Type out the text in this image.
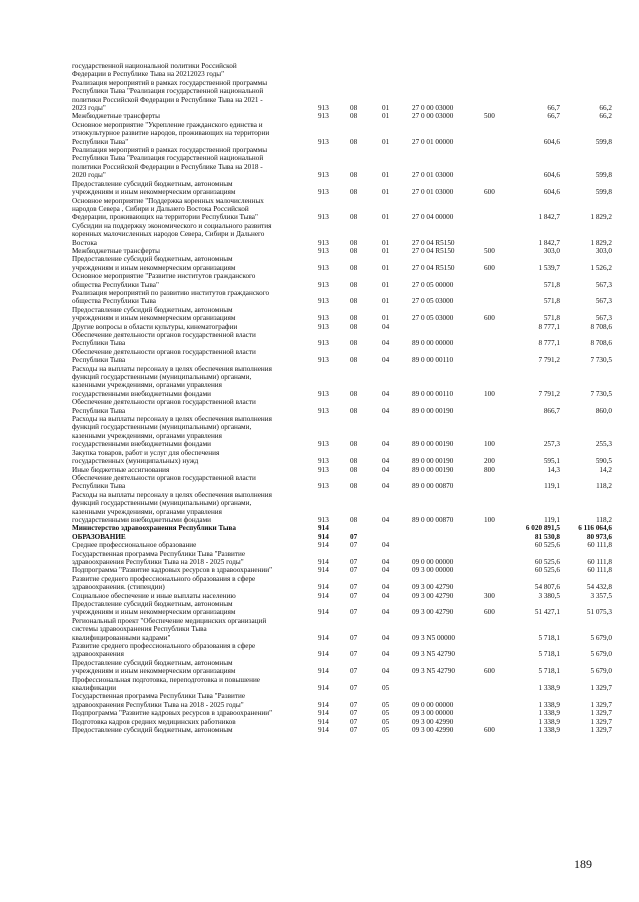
государственной национальной политики Российской
Федерации в Республике Тыва на 20212023 годы"
Реализация мероприятий в рамках государственной программы
Республики Тыва "Реализация государственной национальной
политики Российской Федерации в Республике Тыва на 2021 -
2023 годы"	913	08	01	27 0 00 03000	66,7	66,2
Межбюджетные трансферты	913	08	01	27 0 00 03000	500	66,7	66,2
Основное мероприятие "Укрепление гражданского единства и
этнокультурное развитие народов, проживающих на территории
Республики Тыва"	913	08	01	27 0 01 00000	604,6	599,8
Реализация мероприятий в рамках государственной программы
Республики Тыва "Реализация государственной национальной
политики Российской Федерации в Республике Тыва на 2018 -
2020 годы"	913	08	01	27 0 01 03000	604,6	599,8
Предоставление субсидий бюджетным, автономным
учреждениям и иным некоммерческим организациям	913	08	01	27 0 01 03000	600	604,6	599,8
Основное мероприятие "Поддержка коренных малочисленных
народов Севера , Сибири и Дальнего Востока Российской
Федерации, проживающих на территории Республики Тыва"	913	08	01	27 0 04 00000	1 842,7	1 829,2
Субсидии на поддержку экономического и социального развития
коренных малочисленных народов Севера, Сибири и Дальнего
Востока	913	08	01	27 0 04 R5150	1 842,7	1 829,2
Межбюджетные трансферты	913	08	01	27 0 04 R5150	500	303,0	303,0
Предоставление субсидий бюджетным, автономным
учреждениям и иным некоммерческим организациям	913	08	01	27 0 04 R5150	600	1 539,7	1 526,2
Основное мероприятие "Развитие институтов гражданского
общества Республики Тыва"	913	08	01	27 0 05 00000	571,8	567,3
Реализация мероприятий по развитию институтов гражданского
общества Республики Тыва	913	08	01	27 0 05 03000	571,8	567,3
Предоставление субсидий бюджетным, автономным
учреждениям и иным некоммерческим организациям	913	08	01	27 0 05 03000	600	571,8	567,3
Другие вопросы в области культуры, кинематографии	913	08	04	8 777,1	8 708,6
Обеспечение деятельности органов государственной власти
Республики Тыва	913	08	04	89 0 00 00000	8 777,1	8 708,6
Обеспечение деятельности органов государственной власти
Республики Тыва	913	08	04	89 0 00 00110	7 791,2	7 730,5
Расходы на выплаты персоналу в целях обеспечения выполнения
функций государственными (муниципальными) органами,
казенными учреждениями, органами управления
государственными внебюджетными фондами	913	08	04	89 0 00 00110	100	7 791,2	7 730,5
Обеспечение деятельности органов государственной власти
Республики Тыва	913	08	04	89 0 00 00190	866,7	860,0
Расходы на выплаты персоналу в целях обеспечения выполнения
функций государственными (муниципальными) органами,
казенными учреждениями, органами управления
государственными внебюджетными фондами	913	08	04	89 0 00 00190	100	257,3	255,3
Закупка товаров, работ и услуг для обеспечения
государственных (муниципальных) нужд	913	08	04	89 0 00 00190	200	595,1	590,5
Иные бюджетные ассигнования	913	08	04	89 0 00 00190	800	14,3	14,2
Обеспечение деятельности органов государственной власти
Республики Тыва	913	08	04	89 0 00 00870	119,1	118,2
Расходы на выплаты персоналу в целях обеспечения выполнения
функций государственными (муниципальными) органами,
казенными учреждениями, органами управления
государственными внебюджетными фондами	913	08	04	89 0 00 00870	100	119,1	118,2
Министерство здравоохранения Республики Тыва	914	6 020 891,5	6 116 064,6
ОБРАЗОВАНИЕ	914	07	81 530,8	80 973,6
Среднее профессиональное образование	914	07	04	60 525,6	60 111,8
Государственная программа Республики Тыва "Развитие
здравоохранения Республики Тыва на 2018 - 2025 годы"	914	07	04	09 0 00 00000	60 525,6	60 111,8
Подпрограмма "Развитие кадровых ресурсов в здравоохранении"	914	07	04	09 3 00 00000	60 525,6	60 111,8
Развитие среднего профессионального образования в сфере
здравоохранения. (стипендии)	914	07	04	09 3 00 42790	54 807,6	54 432,8
Социальное обеспечение и иные выплаты населению	914	07	04	09 3 00 42790	300	3 380,5	3 357,5
Предоставление субсидий бюджетным, автономным
учреждениям и иным некоммерческим организациям	914	07	04	09 3 00 42790	600	51 427,1	51 075,3
Региональный проект "Обеспечение медицинских организаций
системы здравоохранения Республики Тыва
квалифицированными кадрами"	914	07	04	09 3 N5 00000	5 718,1	5 679,0
Развитие среднего профессионального образования в сфере
здравоохранения	914	07	04	09 3 N5 42790	5 718,1	5 679,0
Предоставление субсидий бюджетным, автономным
учреждениям и иным некоммерческим организациям	914	07	04	09 3 N5 42790	600	5 718,1	5 679,0
Профессиональная подготовка, переподготовка и повышение
квалификации	914	07	05	1 338,9	1 329,7
Государственная программа Республики Тыва "Развитие
здравоохранения Республики Тыва на 2018 - 2025 годы"	914	07	05	09 0 00 00000	1 338,9	1 329,7
Подпрограмма "Развитие кадровых ресурсов в здравоохранении"	914	07	05	09 3 00 00000	1 338,9	1 329,7
Подготовка кадров средних медицинских работников	914	07	05	09 3 00 42990	1 338,9	1 329,7
Предоставление субсидий бюджетным, автономным	914	07	05	09 3 00 42990	600	1 338,9	1 329,7
189
